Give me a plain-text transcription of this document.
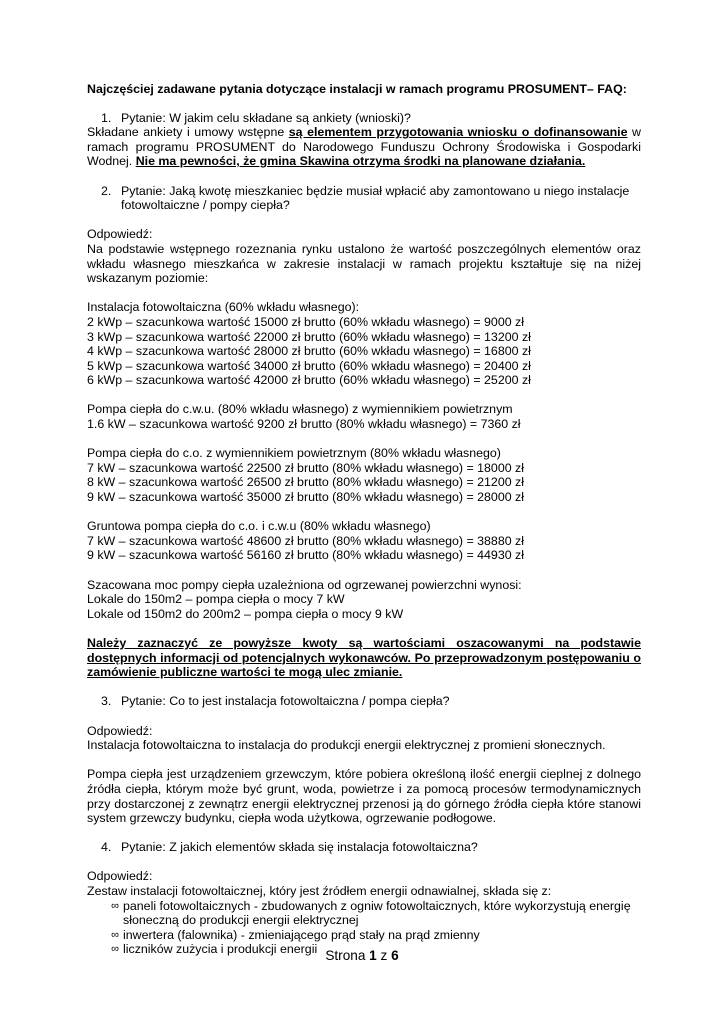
Najczęściej zadawane pytania dotyczące instalacji w ramach programu PROSUMENT– FAQ:
1. Pytanie: W jakim celu składane są ankiety (wnioski)?
Składane ankiety i umowy wstępne są elementem przygotowania wniosku o dofinansowanie w ramach programu PROSUMENT do Narodowego Funduszu Ochrony Środowiska i Gospodarki Wodnej. Nie ma pewności, że gmina Skawina otrzyma środki na planowane działania.
2. Pytanie: Jaką kwotę mieszkaniec będzie musiał wpłacić aby zamontowano u niego instalacje fotowoltaiczne / pompy ciepła?
Odpowiedź:
Na podstawie wstępnego rozeznania rynku ustalono że wartość poszczególnych elementów oraz wkładu własnego mieszkańca w zakresie instalacji w ramach projektu kształtuje się na niżej wskazanym poziomie:
Instalacja fotowoltaiczna (60% wkładu własnego):
2 kWp – szacunkowa wartość 15000 zł brutto (60% wkładu własnego) = 9000 zł
3 kWp – szacunkowa wartość 22000 zł brutto (60% wkładu własnego) = 13200 zł
4 kWp – szacunkowa wartość 28000 zł brutto (60% wkładu własnego) = 16800 zł
5 kWp – szacunkowa wartość 34000 zł brutto (60% wkładu własnego) = 20400 zł
6 kWp – szacunkowa wartość 42000 zł brutto (60% wkładu własnego) = 25200 zł
Pompa ciepła do c.w.u. (80% wkładu własnego) z wymiennikiem powietrznym
1.6 kW – szacunkowa wartość 9200 zł brutto (80% wkładu własnego) = 7360 zł
Pompa ciepła do c.o. z wymiennikiem powietrznym (80% wkładu własnego)
7 kW – szacunkowa wartość 22500 zł brutto (80% wkładu własnego) = 18000 zł
8 kW – szacunkowa wartość 26500 zł brutto (80% wkładu własnego) = 21200 zł
9 kW – szacunkowa wartość 35000 zł brutto (80% wkładu własnego) = 28000 zł
Gruntowa pompa ciepła do c.o. i c.w.u (80% wkładu własnego)
7 kW – szacunkowa wartość 48600 zł brutto (80% wkładu własnego) = 38880 zł
9 kW – szacunkowa wartość 56160 zł brutto (80% wkładu własnego) = 44930 zł
Szacowana moc pompy ciepła uzależniona od ogrzewanej powierzchni wynosi:
Lokale do 150m2 – pompa ciepła o mocy 7 kW
Lokale od 150m2 do 200m2 – pompa ciepła o mocy 9 kW
Należy zaznaczyć ze powyższe kwoty są wartościami oszacowanymi na podstawie dostępnych informacji od potencjalnych wykonawców. Po przeprowadzonym postępowaniu o zamówienie publiczne wartości te mogą ulec zmianie.
3. Pytanie: Co to jest instalacja fotowoltaiczna / pompa ciepła?
Odpowiedź:
Instalacja fotowoltaiczna to instalacja do produkcji energii elektrycznej z promieni słonecznych.
Pompa ciepła jest urządzeniem grzewczym, które pobiera określoną ilość energii cieplnej z dolnego źródła ciepła, którym może być grunt, woda, powietrze i za pomocą procesów termodynamicznych przy dostarczonej z zewnątrz energii elektrycznej przenosi ją do górnego źródła ciepła które stanowi system grzewczy budynku, ciepła woda użytkowa, ogrzewanie podłogowe.
4. Pytanie: Z jakich elementów składa się instalacja fotowoltaiczna?
Odpowiedź:
Zestaw instalacji fotowoltaicznej, który jest źródłem energii odnawialnej, składa się z:
∞ paneli fotowoltaicznych - zbudowanych z ogniw fotowoltaicznych, które wykorzystują energię słoneczną do produkcji energii elektrycznej
∞ inwertera (falownika) - zmieniającego prąd stały na prąd zmienny
∞ liczników zużycia i produkcji energii Strona 1 z 6
